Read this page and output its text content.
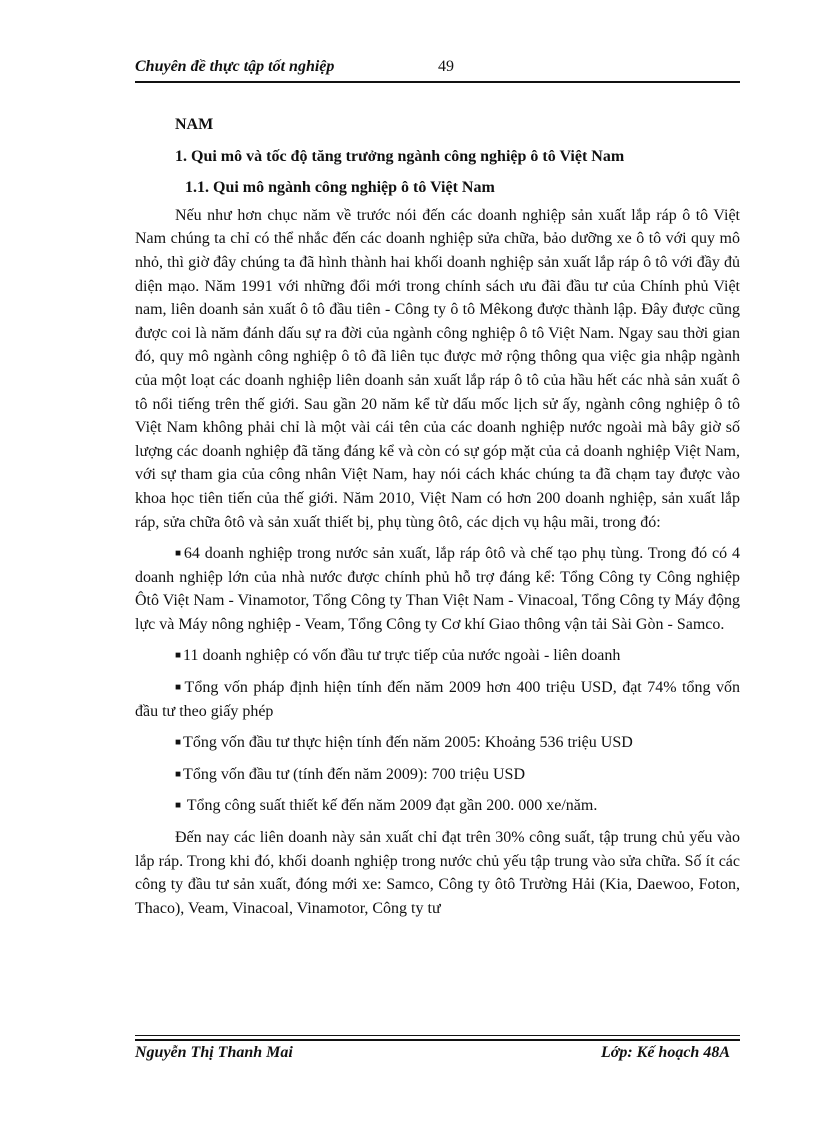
Chuyên đề thực tập tốt nghiệp	49

NAM

1. Qui mô và tốc độ tăng trưởng ngành công nghiệp ô tô Việt Nam

1.1. Qui mô ngành công nghiệp ô tô Việt Nam

Nếu như hơn chục năm về trước nói đến các doanh nghiệp sản xuất lắp ráp ô tô Việt Nam chúng ta chỉ có thể nhắc đến các doanh nghiệp sửa chữa, bảo dưỡng xe ô tô với quy mô nhỏ, thì giờ đây chúng ta đã hình thành hai khối doanh nghiệp sản xuất lắp ráp ô tô với đầy đủ diện mạo. Năm 1991 với những đổi mới trong chính sách ưu đãi đầu tư của Chính phủ Việt nam, liên doanh sản xuất ô tô đầu tiên - Công ty ô tô Mêkong được thành lập. Đây được cũng được coi là năm đánh dấu sự ra đời của ngành công nghiệp ô tô Việt Nam. Ngay sau thời gian đó, quy mô ngành công nghiệp ô tô đã liên tục được mở rộng thông qua việc gia nhập ngành của một loạt các doanh nghiệp liên doanh sản xuất lắp ráp ô tô của hầu hết các nhà sản xuất ô tô nổi tiếng trên thế giới. Sau gần 20 năm kể từ dấu mốc lịch sử ấy, ngành công nghiệp ô tô Việt Nam không phải chỉ là một vài cái tên của các doanh nghiệp nước ngoài mà bây giờ số lượng các doanh nghiệp đã tăng đáng kể và còn có sự góp mặt của cả doanh nghiệp Việt Nam, với sự tham gia của công nhân Việt Nam, hay nói cách khác chúng ta đã chạm tay được vào khoa học tiên tiến của thế giới. Năm 2010, Việt Nam có hơn 200 doanh nghiệp, sản xuất lắp ráp, sửa chữa ôtô và sản xuất thiết bị, phụ tùng ôtô, các dịch vụ hậu mãi, trong đó:

■ 64 doanh nghiệp trong nước sản xuất, lắp ráp ôtô và chế tạo phụ tùng. Trong đó có 4 doanh nghiệp lớn của nhà nước được chính phủ hỗ trợ đáng kể: Tổng Công ty Công nghiệp Ôtô Việt Nam - Vinamotor, Tổng Công ty Than Việt Nam - Vinacoal, Tổng Công ty Máy động lực và Máy nông nghiệp - Veam, Tổng Công ty Cơ khí Giao thông vận tải Sài Gòn - Samco.

■ 11 doanh nghiệp có vốn đầu tư trực tiếp của nước ngoài - liên doanh

■ Tổng vốn pháp định hiện tính đến năm 2009 hơn 400 triệu USD, đạt 74% tổng vốn đầu tư theo giấy phép

■ Tổng vốn đầu tư thực hiện tính đến năm 2005: Khoảng 536 triệu USD

■ Tổng vốn đầu tư (tính đến năm 2009): 700 triệu USD

■ Tổng công suất thiết kế đến năm 2009 đạt gần 200. 000 xe/năm.

Đến nay các liên doanh này sản xuất chỉ đạt trên 30% công suất, tập trung chủ yếu vào lắp ráp. Trong khi đó, khối doanh nghiệp trong nước chủ yếu tập trung vào sửa chữa. Số ít các công ty đầu tư sản xuất, đóng mới xe: Samco, Công ty ôtô Trường Hải (Kia, Daewoo, Foton, Thaco), Veam, Vinacoal, Vinamotor, Công ty tư

Nguyễn Thị Thanh Mai	Lớp: Kế hoạch 48A
